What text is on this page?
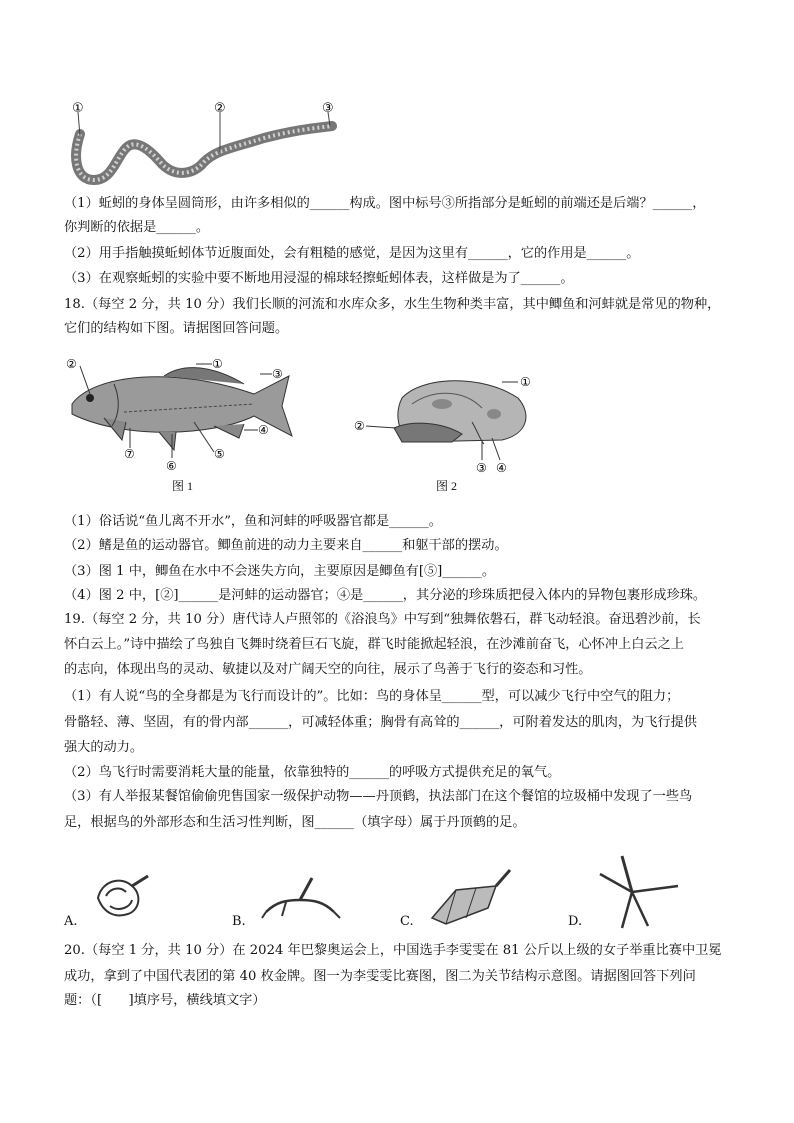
①	②	③
（1）蚯蚓的身体呈圆筒形，由许多相似的______构成。图中标号③所指部分是蚯蚓的前端还是后端？______，
你判断的依据是______。
（2）用手指触摸蚯蚓体节近腹面处，会有粗糙的感觉，是因为这里有______，它的作用是______。
（3）在观察蚯蚓的实验中要不断地用浸湿的棉球轻擦蚯蚓体表，这样做是为了______。
18.（每空 2 分，共 10 分）我们长顺的河流和水库众多，水生生物种类丰富，其中鲫鱼和河蚌就是常见的物种，
它们的结构如下图。请据图回答问题。
②	①
③
④
⑤
⑥
⑦
图 1
①
②
③ ④
图 2
（1）俗话说“鱼儿离不开水”，鱼和河蚌的呼吸器官都是______。
（2）鳍是鱼的运动器官。鲫鱼前进的动力主要来自______和躯干部的摆动。
（3）图 1 中，鲫鱼在水中不会迷失方向，主要原因是鲫鱼有[⑤]______。
（4）图 2 中，[②]______是河蚌的运动器官；④是______，其分泌的珍珠质把侵入体内的异物包裹形成珍珠。
19.（每空 2 分，共 10 分）唐代诗人卢照邻的《浴浪鸟》中写到“独舞依磐石，群飞动轻浪。奋迅碧沙前，长
怀白云上。”诗中描绘了鸟独自飞舞时绕着巨石飞旋，群飞时能掀起轻浪，在沙滩前奋飞，心怀冲上白云之上
的志向，体现出鸟的灵动、敏捷以及对广阔天空的向往，展示了鸟善于飞行的姿态和习性。
（1）有人说“鸟的全身都是为飞行而设计的”。比如：鸟的身体呈______型，可以减少飞行中空气的阻力；
骨骼轻、薄、坚固，有的骨内部______，可减轻体重；胸骨有高耸的______，可附着发达的肌肉，为飞行提供
强大的动力。
（2）鸟飞行时需要消耗大量的能量，依靠独特的______的呼吸方式提供充足的氧气。
（3）有人举报某餐馆偷偷兜售国家一级保护动物——丹顶鹤，执法部门在这个餐馆的垃圾桶中发现了一些鸟
足，根据鸟的外部形态和生活习性判断，图______（填字母）属于丹顶鹤的足。
A.	B.	C.	D.
20.（每空 1 分，共 10 分）在 2024 年巴黎奥运会上，中国选手李雯雯在 81 公斤以上级的女子举重比赛中卫冕
成功，拿到了中国代表团的第 40 枚金牌。图一为李雯雯比赛图，图二为关节结构示意图。请据图回答下列问
题：（[　　]填序号，横线填文字）
